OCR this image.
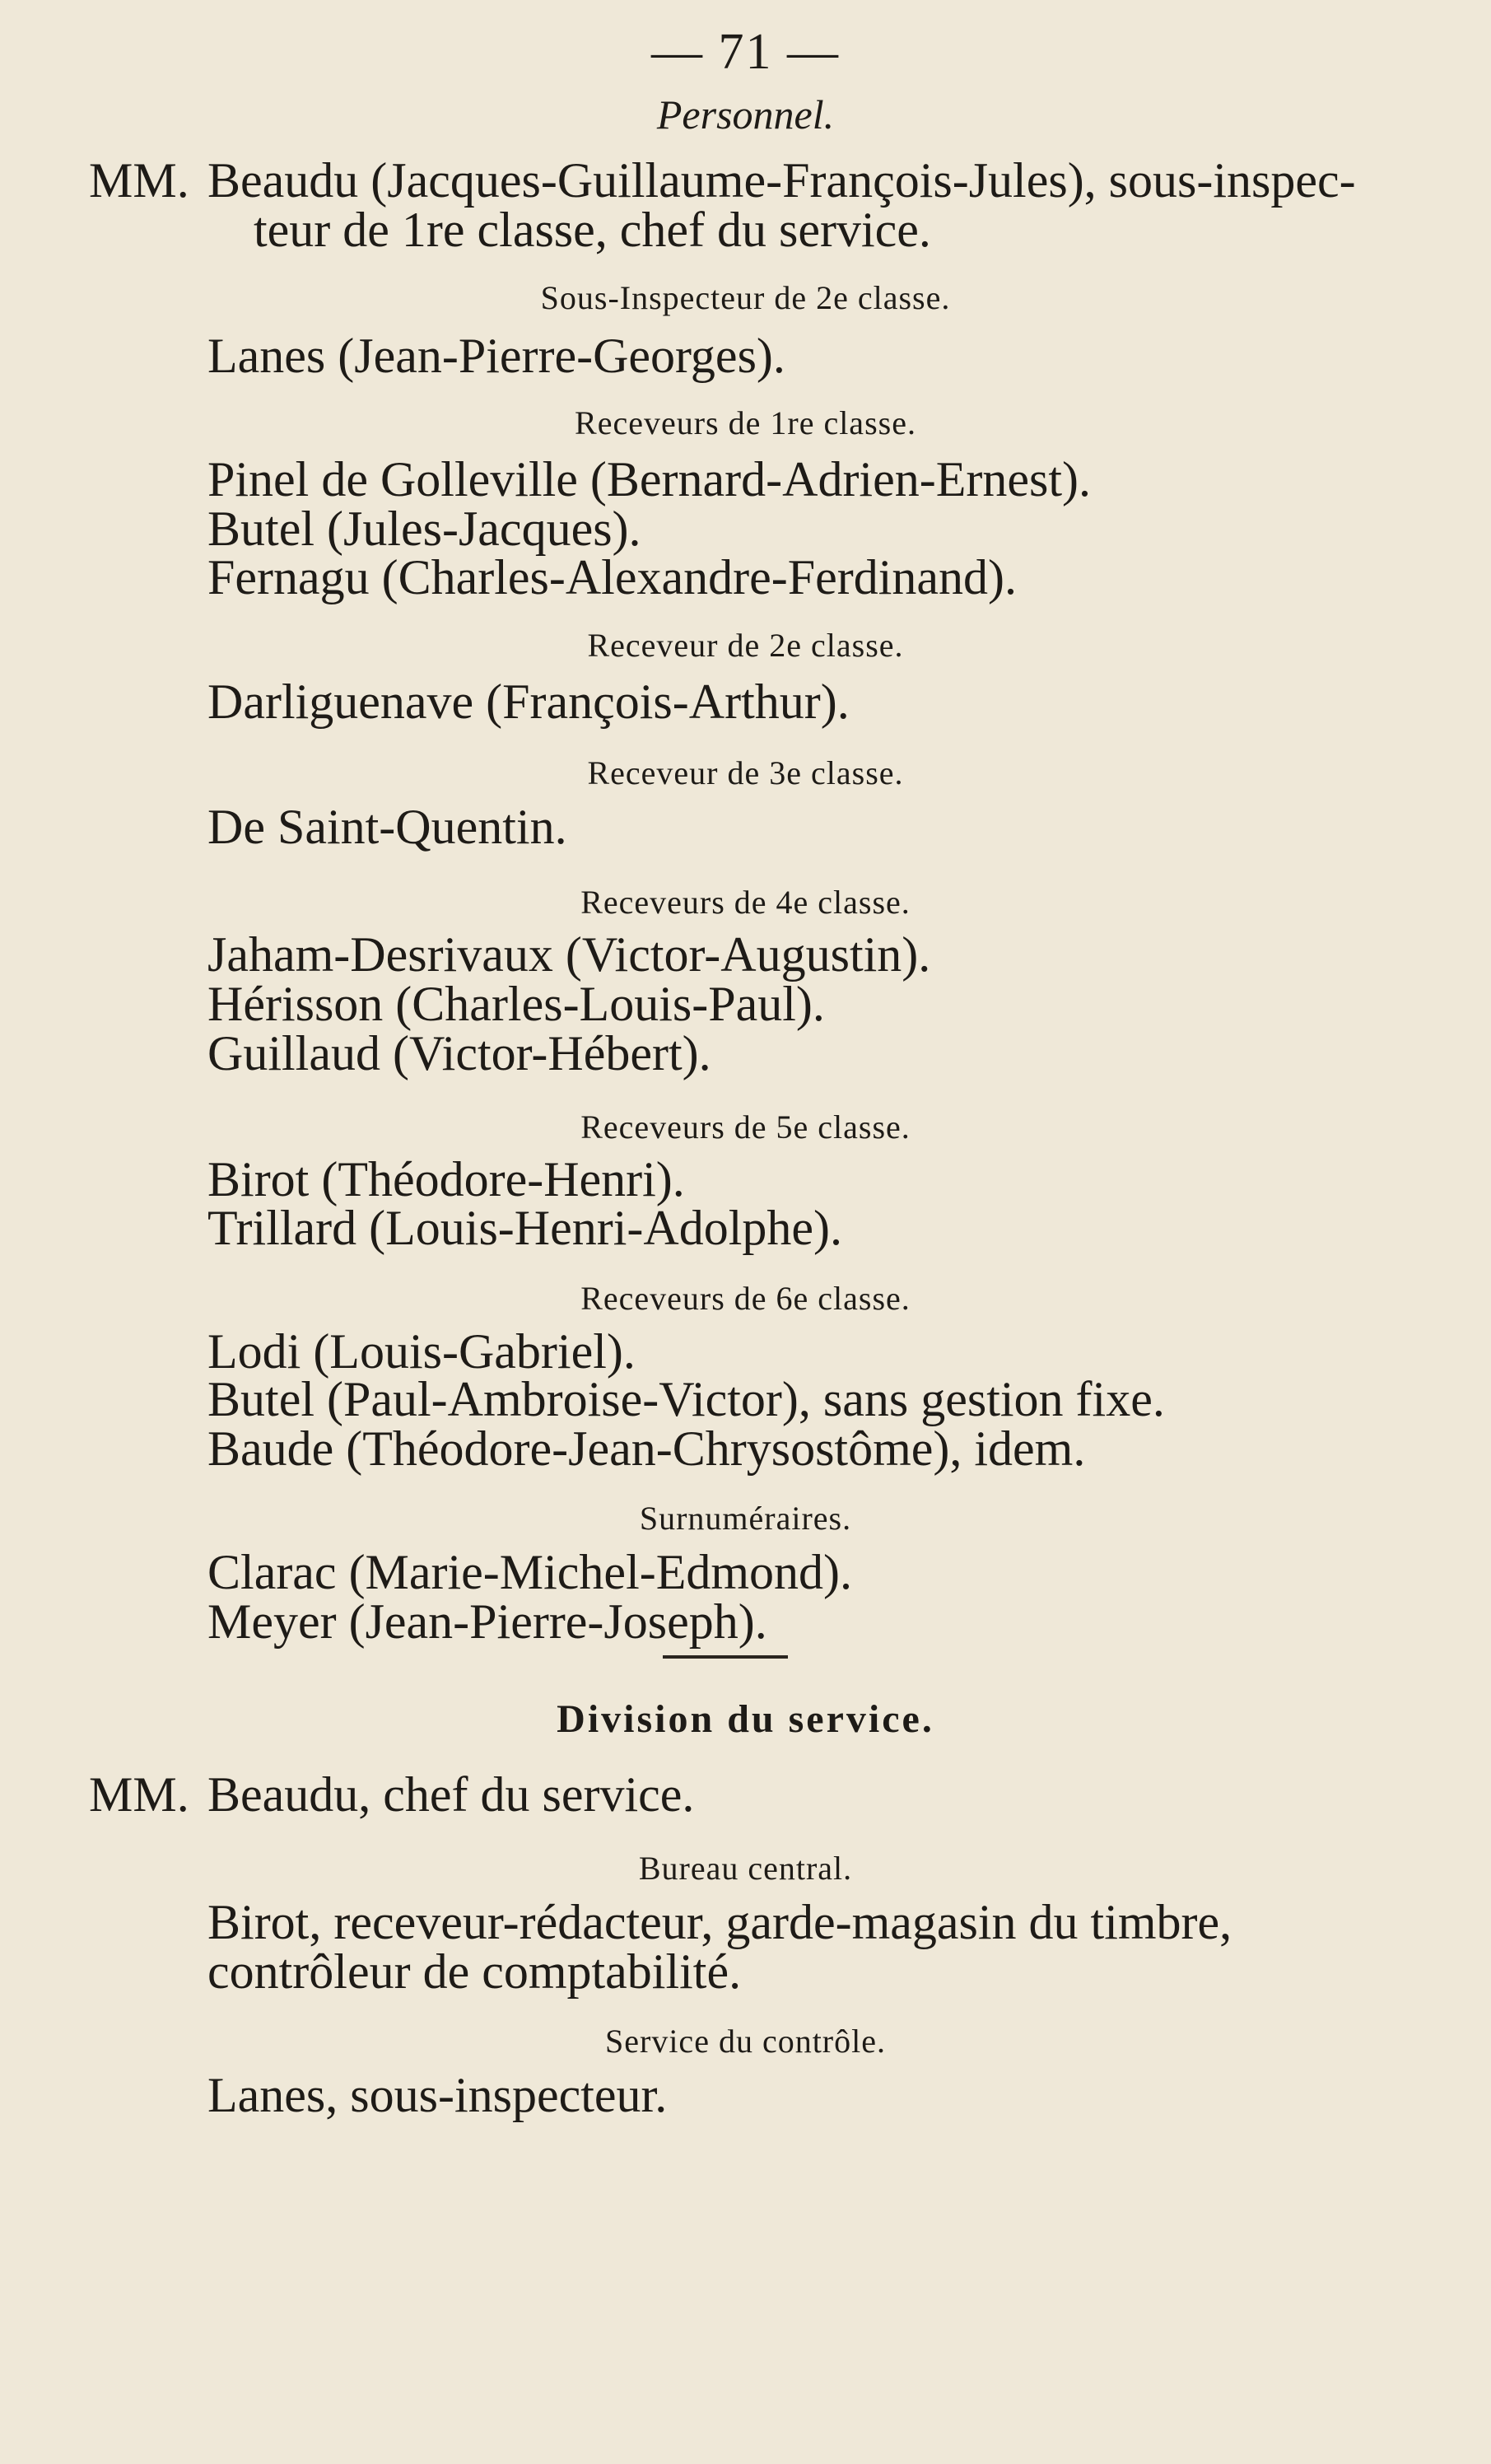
— 71 —
Personnel.
MM. Beaudu (Jacques-Guillaume-François-Jules), sous-inspec-
teur de 1re classe, chef du service.
Sous-Inspecteur de 2e classe.
Lanes (Jean-Pierre-Georges).
Receveurs de 1re classe.
Pinel de Golleville (Bernard-Adrien-Ernest).
Butel (Jules-Jacques).
Fernagu (Charles-Alexandre-Ferdinand).
Receveur de 2e classe.
Darliguenave (François-Arthur).
Receveur de 3e classe.
De Saint-Quentin.
Receveurs de 4e classe.
Jaham-Desrivaux (Victor-Augustin).
Hérisson (Charles-Louis-Paul).
Guillaud (Victor-Hébert).
Receveurs de 5e classe.
Birot (Théodore-Henri).
Trillard (Louis-Henri-Adolphe).
Receveurs de 6e classe.
Lodi (Louis-Gabriel).
Butel (Paul-Ambroise-Victor), sans gestion fixe.
Baude (Théodore-Jean-Chrysostôme), idem.
Surnuméraires.
Clarac (Marie-Michel-Edmond).
Meyer (Jean-Pierre-Joseph).
Division du service.
MM. Beaudu, chef du service.
Bureau central.
Birot, receveur-rédacteur, garde-magasin du timbre,
contrôleur de comptabilité.
Service du contrôle.
Lanes, sous-inspecteur.
